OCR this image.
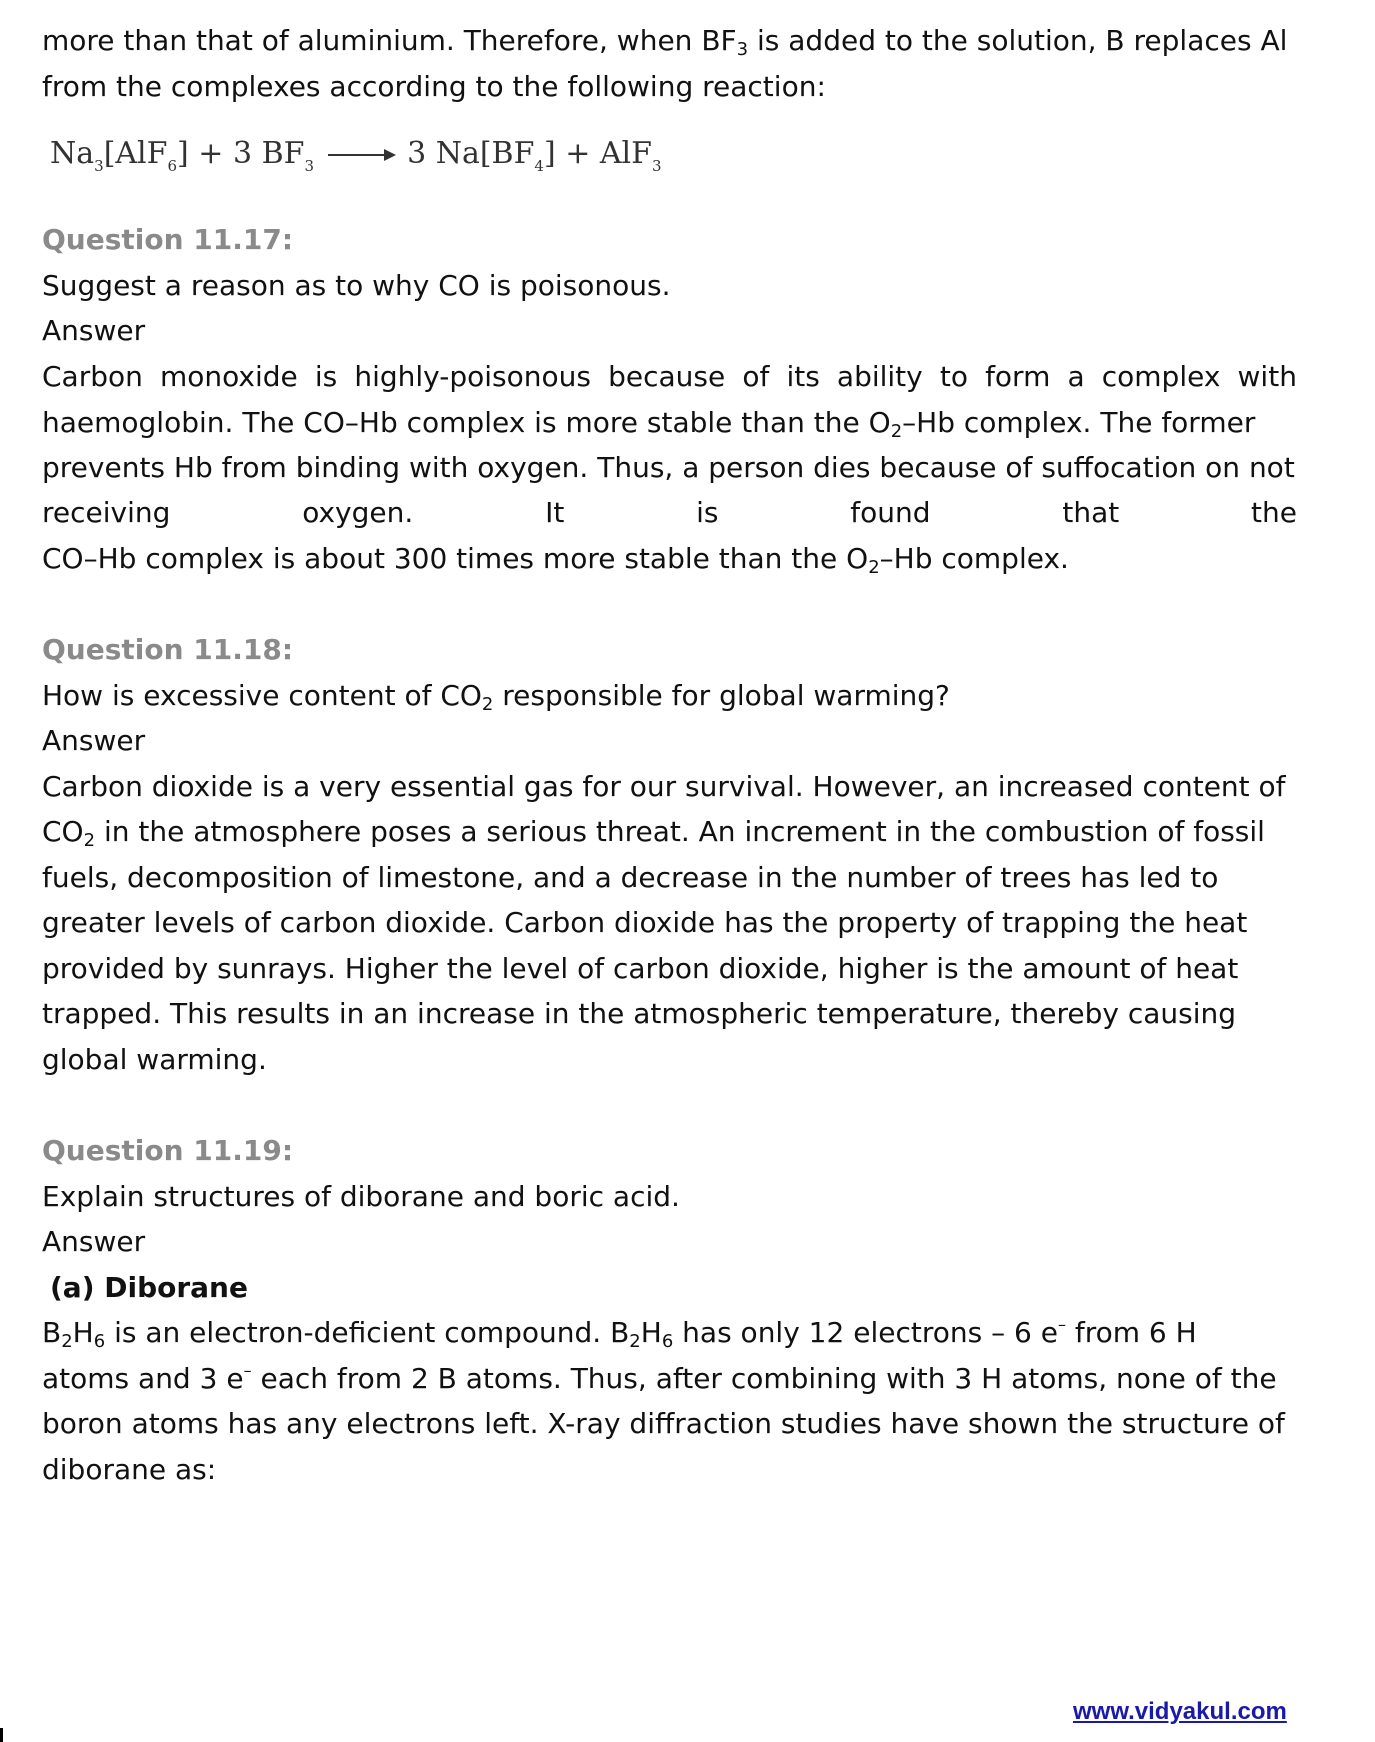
more than that of aluminium. Therefore, when $BF_3$ is added to the solution, B replaces Al
from the complexes according to the following reaction:
$Na_3[AlF_6] + 3$ $BF_3 \to 3$ $Na[BF_4] + AlF_3$
Question 11.17:
Suggest a reason as to why CO is poisonous.
Answer
Carbon monoxide is highly-poisonous because of its ability to form a complex with
haemoglobin. The CO–Hb complex is more stable than the $O_2-Hb$ complex. The former
prevents Hb from binding with oxygen. Thus, a person dies because of suffocation on not
receiving	oxygen.	It	is	found	that	the
CO–Hb complex is about 300 times more stable than the $O_2-Hb$ complex.
Question 11.18:
How is excessive content of $CO_2$ responsible for global warming?
Answer
Carbon dioxide is a very essential gas for our survival. However, an increased content of
$CO_2$ in the atmosphere poses a serious threat. An increment in the combustion of fossil
fuels, decomposition of limestone, and a decrease in the number of trees has led to
greater levels of carbon dioxide. Carbon dioxide has the property of trapping the heat
provided by sunrays. Higher the level of carbon dioxide, higher is the amount of heat
trapped. This results in an increase in the atmospheric temperature, thereby causing
global warming.
Question 11.19:
Explain structures of diborane and boric acid.
Answer
(a) Diborane
$B_2H_6$ is an electron-deficient compound. $B_2H_6$ has only 12 electrons – 6 e– from 6 H
atoms and 3 e– each from 2 B atoms. Thus, after combining with 3 H atoms, none of the
boron atoms has any electrons left. X-ray diffraction studies have shown the structure of
diborane as:
www.vidyakul.com
